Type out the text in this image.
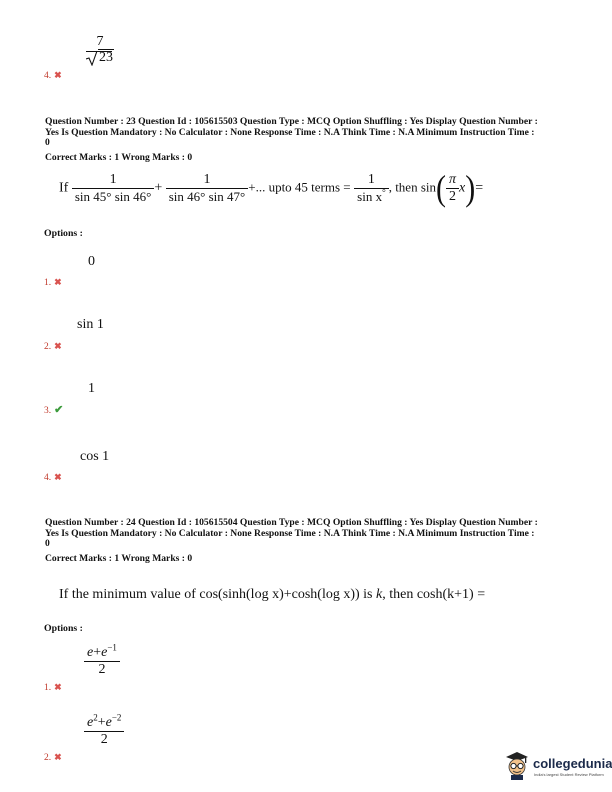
7
23
4. ✖
Question Number : 23 Question Id : 105615503 Question Type : MCQ Option Shuffling : Yes Display Question Number :
Yes Is Question Mandatory : No Calculator : None Response Time : N.A Think Time : N.A Minimum Instruction Time :
0
Correct Marks : 1 Wrong Marks : 0
If $\frac{1}{\sin 45^\circ \sin 46^\circ} + \frac{1}{\sin 46^\circ \sin 47^\circ}$ +... upto 45 terms = $\frac{1}{\sin x^\circ}$ , then $\sin( \frac{\pi}{2} x)=$
Options :
0
1. ✖
sin 1
2. ✖
1
3. ✔
cos 1
4. ✖
Question Number : 24 Question Id : 105615504 Question Type : MCQ Option Shuffling : Yes Display Question Number :
Yes Is Question Mandatory : No Calculator : None Response Time : N.A Think Time : N.A Minimum Instruction Time :
0
Correct Marks : 1 Wrong Marks : 0
If the minimum value of cos(sinh(log x)+cosh(log x)) is k, then cosh(k+1) =
Options :
$\frac{e+e^{-1}}{2}$
1. ✖
$\frac{e^2+e^{-2}}{2}$
2. ✖	collegedunia
India's largest Student Review Platform
